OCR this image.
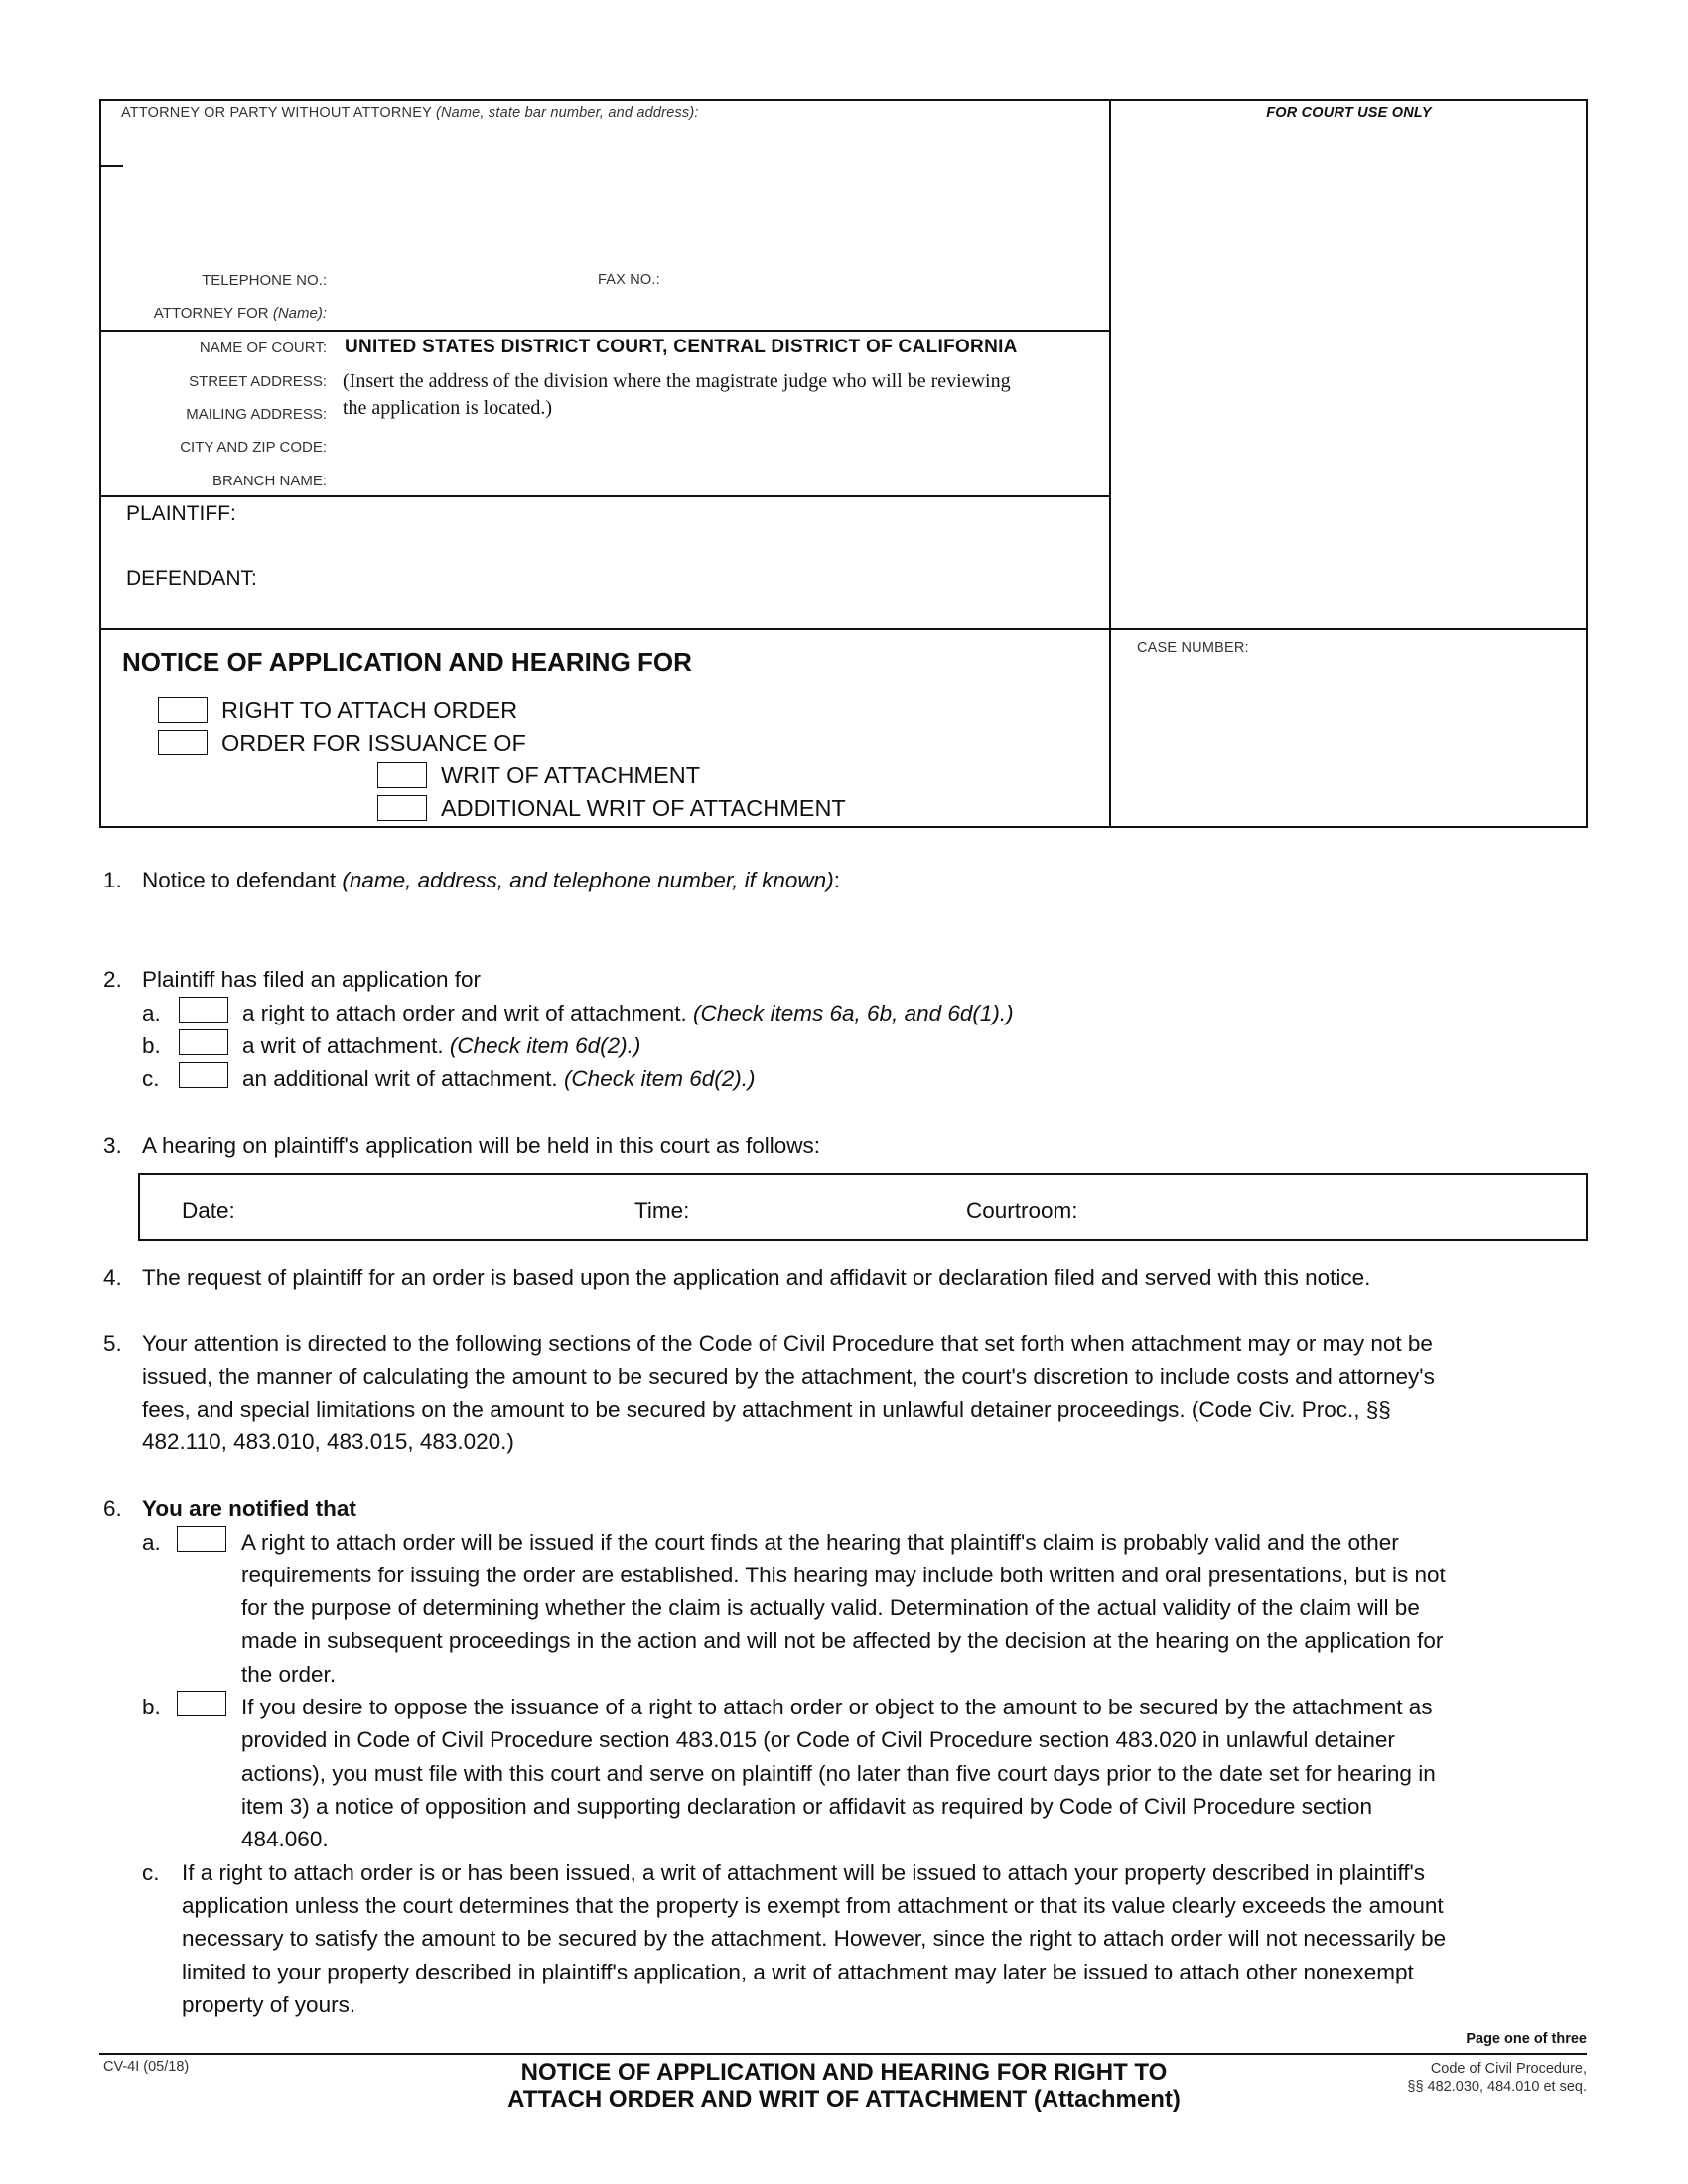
ATTORNEY OR PARTY WITHOUT ATTORNEY (Name, state bar number, and address):	FOR COURT USE ONLY
TELEPHONE NO.:	FAX NO.:
ATTORNEY FOR (Name):
NAME OF COURT: UNITED STATES DISTRICT COURT, CENTRAL DISTRICT OF CALIFORNIA
STREET ADDRESS:
MAILING ADDRESS:
CITY AND ZIP CODE:
BRANCH NAME:
(Insert the address of the division where the magistrate judge who will be reviewing
the application is located.)
PLAINTIFF:
DEFENDANT:
NOTICE OF APPLICATION AND HEARING FOR
RIGHT TO ATTACH ORDER
ORDER FOR ISSUANCE OF
WRIT OF ATTACHMENT
ADDITIONAL WRIT OF ATTACHMENT
CASE NUMBER:
1. Notice to defendant (name, address, and telephone number, if known):
2. Plaintiff has filed an application for
a.	a right to attach order and writ of attachment. (Check items 6a, 6b, and 6d(1).)
b.	a writ of attachment. (Check item 6d(2).)
c.	an additional writ of attachment. (Check item 6d(2).)
3. A hearing on plaintiff's application will be held in this court as follows:
Date:	Time:	Courtroom:
4. The request of plaintiff for an order is based upon the application and affidavit or declaration filed and served with this notice.
5. Your attention is directed to the following sections of the Code of Civil Procedure that set forth when attachment may or may not be
issued, the manner of calculating the amount to be secured by the attachment, the court's discretion to include costs and attorney's
fees, and special limitations on the amount to be secured by attachment in unlawful detainer proceedings. (Code Civ. Proc., §§
482.110, 483.010, 483.015, 483.020.)
6. You are notified that
a.	A right to attach order will be issued if the court finds at the hearing that plaintiff's claim is probably valid and the other
requirements for issuing the order are established. This hearing may include both written and oral presentations, but is not
for the purpose of determining whether the claim is actually valid. Determination of the actual validity of the claim will be
made in subsequent proceedings in the action and will not be affected by the decision at the hearing on the application for
the order.
b.	If you desire to oppose the issuance of a right to attach order or object to the amount to be secured by the attachment as
provided in Code of Civil Procedure section 483.015 (or Code of Civil Procedure section 483.020 in unlawful detainer
actions), you must file with this court and serve on plaintiff (no later than five court days prior to the date set for hearing in
item 3) a notice of opposition and supporting declaration or affidavit as required by Code of Civil Procedure section
484.060.
c. If a right to attach order is or has been issued, a writ of attachment will be issued to attach your property described in plaintiff's
application unless the court determines that the property is exempt from attachment or that its value clearly exceeds the amount
necessary to satisfy the amount to be secured by the attachment. However, since the right to attach order will not necessarily be
limited to your property described in plaintiff's application, a writ of attachment may later be issued to attach other nonexempt
property of yours.
Page one of three
CV-4I (05/18)	NOTICE OF APPLICATION AND HEARING FOR RIGHT TO
ATTACH ORDER AND WRIT OF ATTACHMENT (Attachment)
Code of Civil Procedure,
§§ 482.030, 484.010 et seq.
